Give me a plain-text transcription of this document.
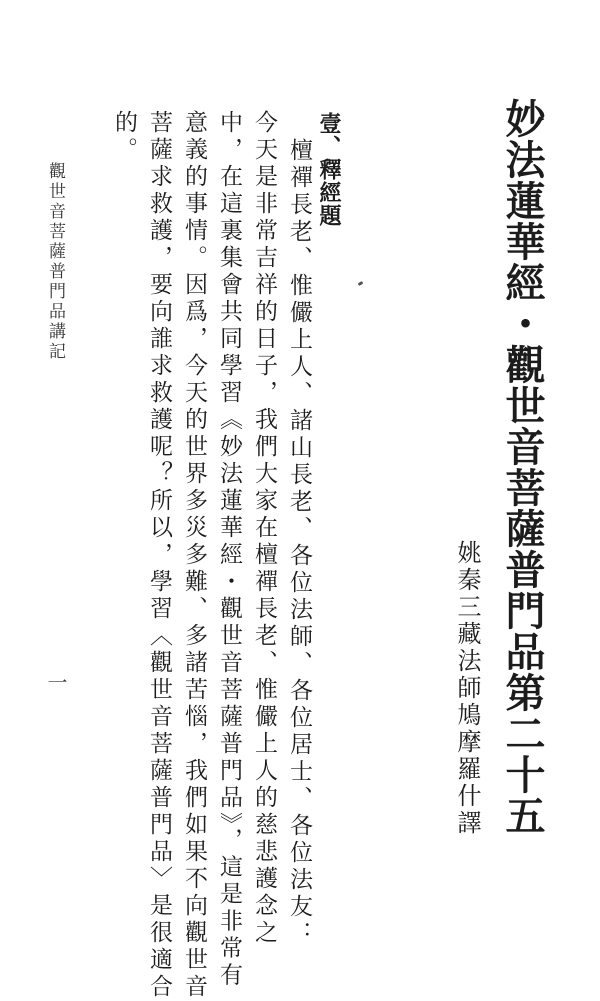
妙法蓮華經・觀世音菩薩普門品第二十五
姚秦三藏法師鳩摩羅什譯
壹、釋經題
檀禪長老、惟儼上人、諸山長老、各位法師、各位居士、各位法友：
今天是非常吉祥的日子，我們大家在檀禪長老、惟儼上人的慈悲護念之
中，在這裏集會共同學習《妙法蓮華經・觀世音菩薩普門品》，這是非常有
意義的事情。因爲，今天的世界多災多難、多諸苦惱，我們如果不向觀世音
菩薩求救護，要向誰求救護呢？所以，學習〈觀世音菩薩普門品〉是很適合
的。
觀世音菩薩普門品講記
一
